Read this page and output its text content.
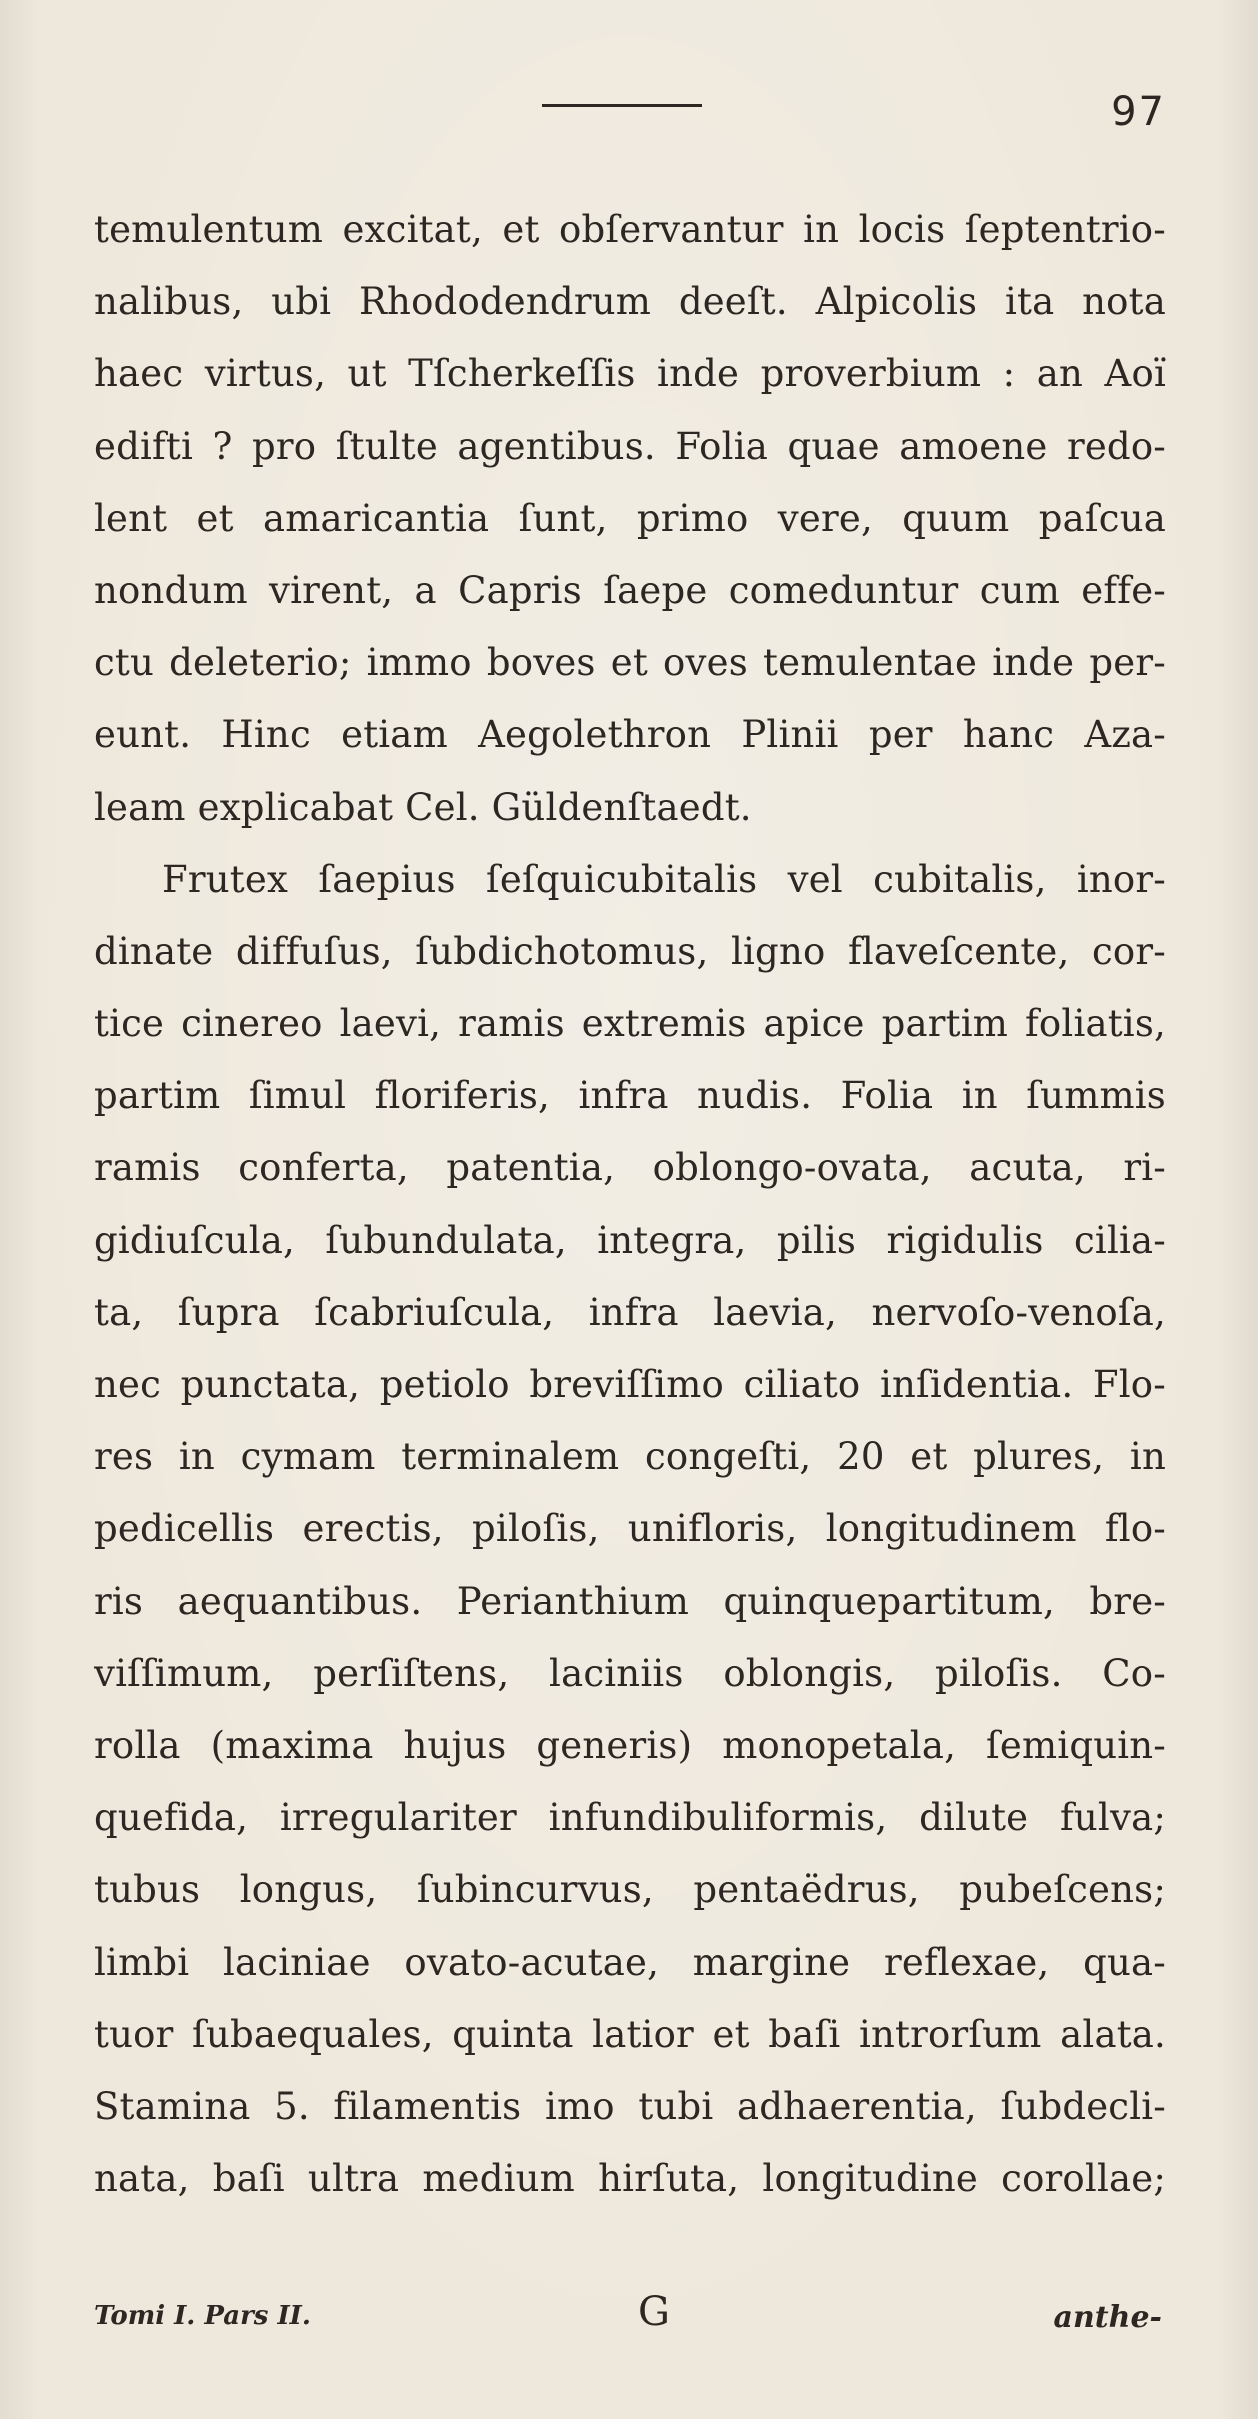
97
temulentum excitat, et obſervantur in locis ſeptentrio-
nalibus, ubi Rhododendrum deeſt. Alpicolis ita nota
haec virtus, ut Tſcherkeſſis inde proverbium : an Aoï
edifti ? pro ſtulte agentibus. Folia quae amoene redo-
lent et amaricantia ſunt, primo vere, quum paſcua
nondum virent, a Capris ſaepe comeduntur cum effe-
ctu deleterio; immo boves et oves temulentae inde per-
eunt. Hinc etiam Aegolethron Plinii per hanc Aza-
leam explicabat Cel. Güldenſtaedt.
Frutex ſaepius ſeſquicubitalis vel cubitalis, inor-
dinate diffuſus, ſubdichotomus, ligno flaveſcente, cor-
tice cinereo laevi, ramis extremis apice partim foliatis,
partim ſimul floriferis, infra nudis. Folia in ſummis
ramis conferta, patentia, oblongo-ovata, acuta, ri-
gidiuſcula, ſubundulata, integra, pilis rigidulis cilia-
ta, ſupra ſcabriuſcula, infra laevia, nervoſo-venoſa,
nec punctata, petiolo breviſſimo ciliato inſidentia. Flo-
res in cymam terminalem congeſti, 20 et plures, in
pedicellis erectis, piloſis, unifloris, longitudinem flo-
ris aequantibus. Perianthium quinquepartitum, bre-
viſſimum, perſiſtens, laciniis oblongis, piloſis. Co-
rolla (maxima hujus generis) monopetala, ſemiquin-
quefida, irregulariter infundibuliformis, dilute fulva;
tubus longus, ſubincurvus, pentaëdrus, pubeſcens;
limbi laciniae ovato-acutae, margine reflexae, qua-
tuor ſubaequales, quinta latior et baſi introrſum alata.
Stamina 5. filamentis imo tubi adhaerentia, ſubdecli-
nata, baſi ultra medium hirſuta, longitudine corollae;
Tomi I. Pars II.	G	anthe-
